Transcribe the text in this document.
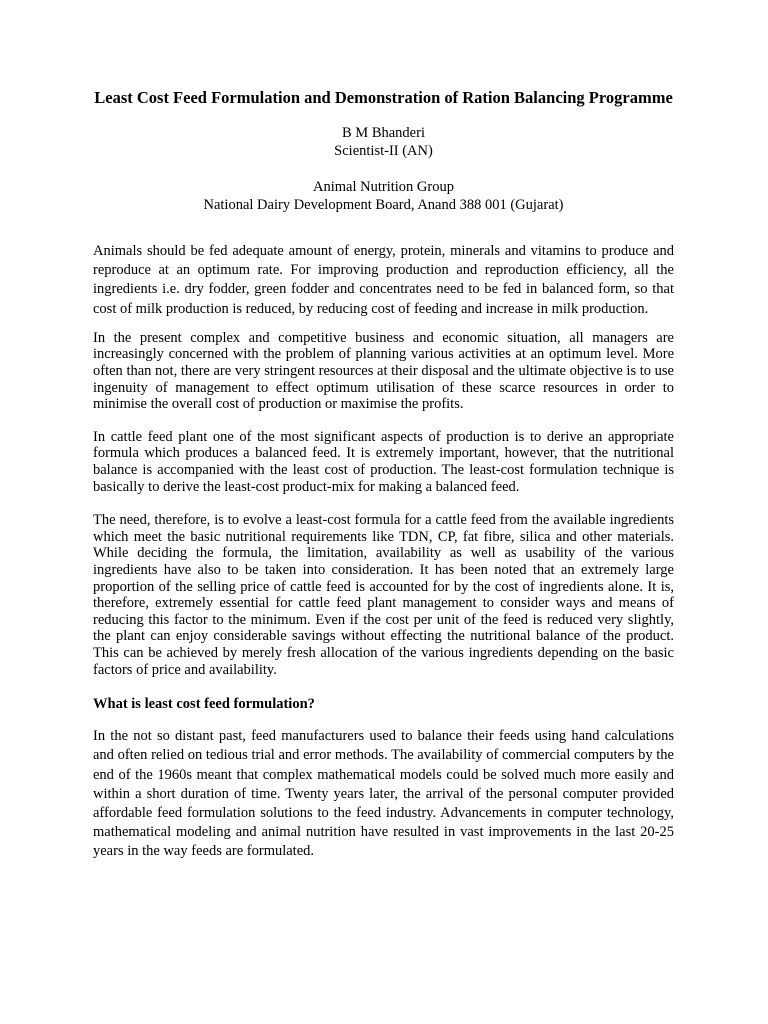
Least Cost Feed Formulation and Demonstration of Ration Balancing Programme
B M Bhanderi
Scientist-II (AN)
Animal Nutrition Group
National Dairy Development Board, Anand 388 001 (Gujarat)

Animals should be fed adequate amount of energy, protein, minerals and vitamins to produce and reproduce at an optimum rate. For improving production and reproduction efficiency, all the ingredients i.e. dry fodder, green fodder and concentrates need to be fed in balanced form, so that cost of milk production is reduced, by reducing cost of feeding and increase in milk production.

In the present complex and competitive business and economic situation, all managers are increasingly concerned with the problem of planning various activities at an optimum level. More often than not, there are very stringent resources at their disposal and the ultimate objective is to use ingenuity of management to effect optimum utilisation of these scarce resources in order to minimise the overall cost of production or maximise the profits.

In cattle feed plant one of the most significant aspects of production is to derive an appropriate formula which produces a balanced feed. It is extremely important, however, that the nutritional balance is accompanied with the least cost of production. The least-cost formulation technique is basically to derive the least-cost product-mix for making a balanced feed.

The need, therefore, is to evolve a least-cost formula for a cattle feed from the available ingredients which meet the basic nutritional requirements like TDN, CP, fat fibre, silica and other materials. While deciding the formula, the limitation, availability as well as usability of the various ingredients have also to be taken into consideration. It has been noted that an extremely large proportion of the selling price of cattle feed is accounted for by the cost of ingredients alone. It is, therefore, extremely essential for cattle feed plant management to consider ways and means of reducing this factor to the minimum. Even if the cost per unit of the feed is reduced very slightly, the plant can enjoy considerable savings without effecting the nutritional balance of the product. This can be achieved by merely fresh allocation of the various ingredients depending on the basic factors of price and availability.

What is least cost feed formulation?

In the not so distant past, feed manufacturers used to balance their feeds using hand calculations and often relied on tedious trial and error methods. The availability of commercial computers by the end of the 1960s meant that complex mathematical models could be solved much more easily and within a short duration of time. Twenty years later, the arrival of the personal computer provided affordable feed formulation solutions to the feed industry. Advancements in computer technology, mathematical modeling and animal nutrition have resulted in vast improvements in the last 20-25 years in the way feeds are formulated.
